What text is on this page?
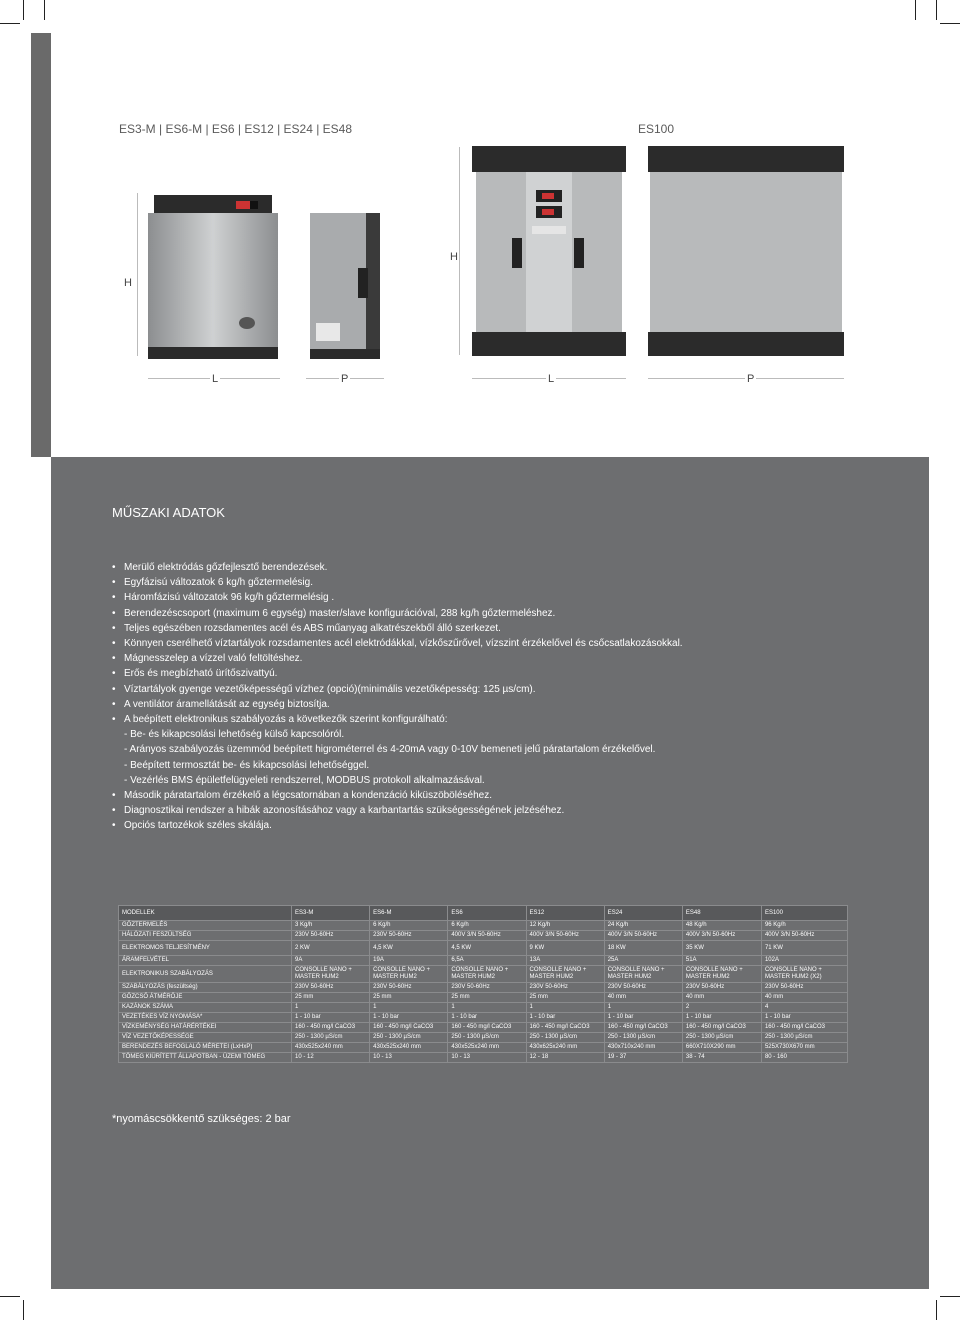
ES3-M | ES6-M | ES6 | ES12 | ES24 | ES48	ES100
H
L	P
H
L	P
MŰSZAKI ADATOK
• Merülő elektródás gőzfejlesztő berendezések.
• Egyfázisú változatok 6 kg/h gőztermelésig.
• Háromfázisú változatok 96 kg/h gőztermelésig .
• Berendezéscsoport (maximum 6 egység) master/slave konfigurációval, 288 kg/h gőztermeléshez.
• Teljes egészében rozsdamentes acél és ABS műanyag alkatrészekből álló szerkezet.
• Könnyen cserélhető víztartályok rozsdamentes acél elektródákkal, vízkőszűrővel, vízszint érzékelővel és csőcsatlakozásokkal.
• Mágnesszelep a vízzel való feltöltéshez.
• Erős és megbízható ürítőszivattyú.
• Víztartályok gyenge vezetőképességű vízhez (opció)(minimális vezetőképesség: 125 µs/cm).
• A ventilátor áramellátását az egység biztosítja.
• A beépített elektronikus szabályozás a következők szerint konfigurálható:
- Be- és kikapcsolási lehetőség külső kapcsolóról.
- Arányos szabályozás üzemmód beépített higrométerrel és 4-20mA vagy 0-10V bemeneti jelű páratartalom érzékelővel.
- Beépített termosztát be- és kikapcsolási lehetőséggel.
- Vezérlés BMS épületfelügyeleti rendszerrel, MODBUS protokoll alkalmazásával.
• Második páratartalom érzékelő a légcsatornában a kondenzáció kiküszöböléséhez.
• Diagnosztikai rendszer a hibák azonosításához vagy a karbantartás szükségességének jelzéséhez.
• Opciós tartozékok széles skálája.
MODELLEK	ES3-M	ES6-M	ES6	ES12	ES24	ES48	ES100
GŐZTERMELÉS	3 Kg/h	6 Kg/h	6 Kg/h	12 Kg/h	24 Kg/h	48 Kg/h	96 Kg/h
HÁLÓZATI FESZÜLTSÉG	230V 50-60Hz	230V 50-60Hz	400V 3/N 50-60Hz	400V 3/N 50-60Hz	400V 3/N 50-60Hz	400V 3/N 50-60Hz	400V 3/N 50-60Hz
ELEKTROMOS TELJESÍTMÉNY	2 KW	4,5 KW	4,5 KW	9 KW	18 KW	35 KW	71 KW
ÁRAMFELVÉTEL	9A	19A	6,5A	13A	25A	51A	102A
ELEKTRONIKUS SZABÁLYOZÁS	CONSOLLE NANO + MASTER HUM2	CONSOLLE NANO + MASTER HUM2	CONSOLLE NANO + MASTER HUM2	CONSOLLE NANO + MASTER HUM2	CONSOLLE NANO + MASTER HUM2	CONSOLLE NANO + MASTER HUM2	CONSOLLE NANO + MASTER HUM2 (X2)
SZABÁLYOZÁS (feszültség)	230V 50-60Hz	230V 50-60Hz	230V 50-60Hz	230V 50-60Hz	230V 50-60Hz	230V 50-60Hz	230V 50-60Hz
GŐZCSŐ ÁTMÉRŐJE	25 mm	25 mm	25 mm	25 mm	40 mm	40 mm	40 mm
KAZÁNOK SZÁMA	1	1	1	1	1	2	4
VEZETÉKES VÍZ NYOMÁSA*	1 - 10 bar	1 - 10 bar	1 - 10 bar	1 - 10 bar	1 - 10 bar	1 - 10 bar	1 - 10 bar
VÍZKEMÉNYSÉG HATÁRÉRTÉKEI	160 - 450 mg/l CaCO3	160 - 450 mg/l CaCO3	160 - 450 mg/l CaCO3	160 - 450 mg/l CaCO3	160 - 450 mg/l CaCO3	160 - 450 mg/l CaCO3	160 - 450 mg/l CaCO3
VÍZ VEZETŐKÉPESSÉGE	250 - 1300 µS/cm	250 - 1300 µS/cm	250 - 1300 µS/cm	250 - 1300 µS/cm	250 - 1300 µS/cm	250 - 1300 µS/cm	250 - 1300 µS/cm
BERENDEZÉS BEFOGLALÓ MÉRETEI (LxHxP)	430x525x240 mm	430x525x240 mm	430x525x240 mm	430x625x240 mm	430x710x240 mm	660X710X290 mm	525X730X670 mm
TÖMEG KIÜRÍTETT ÁLLAPOTBAN - ÜZEMI TÖMEG	10 - 12	10 - 13	10 - 13	12 - 18	19 - 37	38 - 74	80 - 160
*nyomáscsökkentő szükséges: 2 bar
